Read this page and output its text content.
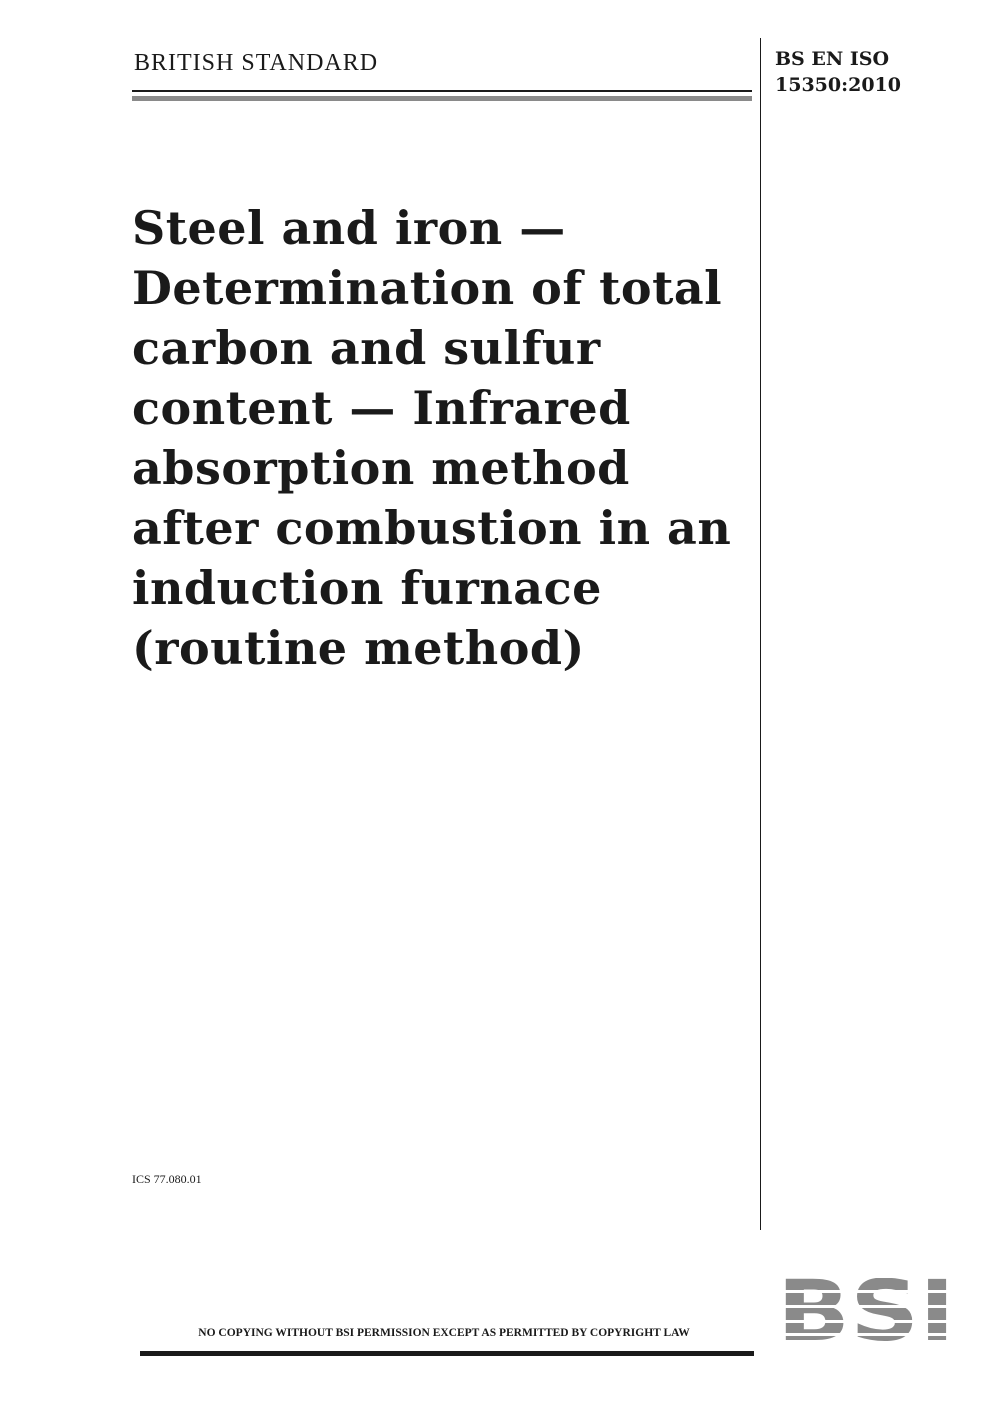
BRITISH STANDARD	BS EN ISO
15350:2010
Steel and iron —
Determination of total
carbon and sulfur
content — Infrared
absorption method
after combustion in an
induction furnace
(routine method)
ICS 77.080.01
NO COPYING WITHOUT BSI PERMISSION EXCEPT AS PERMITTED BY COPYRIGHT LAW
